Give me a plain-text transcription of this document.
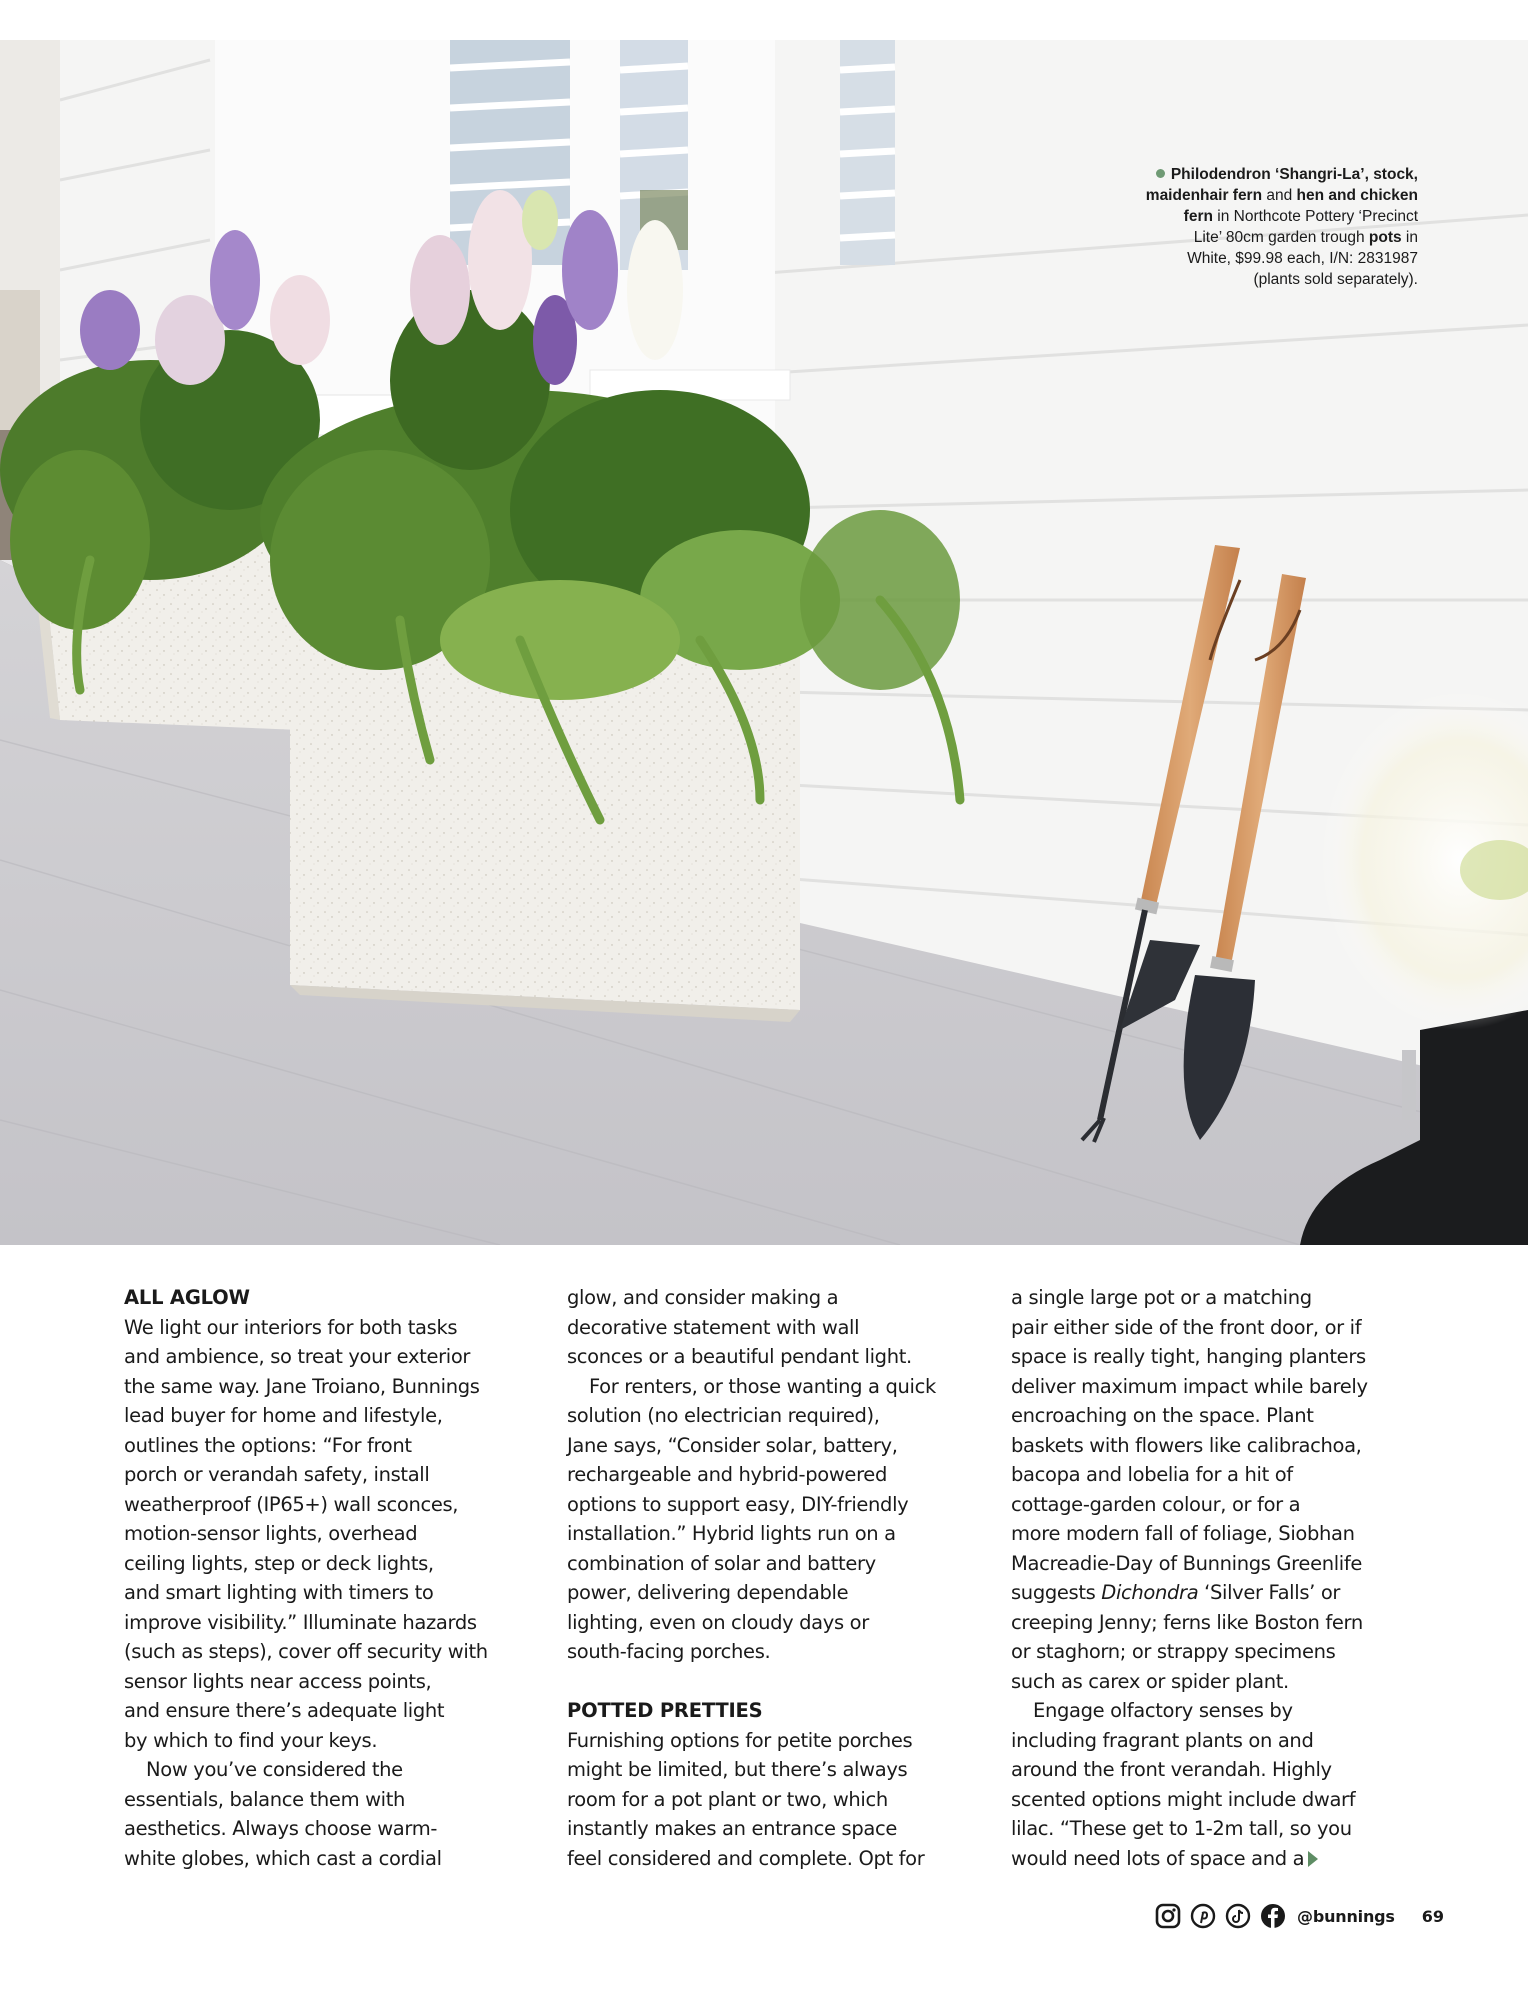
Philodendron ‘Shangri-La’, stock,
maidenhair fern and hen and chicken
fern in Northcote Pottery ‘Precinct
Lite’ 80cm garden trough pots in
White, $99.98 each, I/N: 2831987
(plants sold separately).
ALL AGLOW
We light our interiors for both tasks
and ambience, so treat your exterior
the same way. Jane Troiano, Bunnings
lead buyer for home and lifestyle,
outlines the options: “For front
porch or verandah safety, install
weatherproof (IP65+) wall sconces,
motion-sensor lights, overhead
ceiling lights, step or deck lights,
and smart lighting with timers to
improve visibility.” Illuminate hazards
(such as steps), cover off security with
sensor lights near access points,
and ensure there’s adequate light
by which to find your keys.
Now you’ve considered the
essentials, balance them with
aesthetics. Always choose warm-
white globes, which cast a cordial
glow, and consider making a
decorative statement with wall
sconces or a beautiful pendant light.
For renters, or those wanting a quick
solution (no electrician required),
Jane says, “Consider solar, battery,
rechargeable and hybrid-powered
options to support easy, DIY-friendly
installation.” Hybrid lights run on a
combination of solar and battery
power, delivering dependable
lighting, even on cloudy days or
south-facing porches.
POTTED PRETTIES
Furnishing options for petite porches
might be limited, but there’s always
room for a pot plant or two, which
instantly makes an entrance space
feel considered and complete. Opt for
a single large pot or a matching
pair either side of the front door, or if
space is really tight, hanging planters
deliver maximum impact while barely
encroaching on the space. Plant
baskets with flowers like calibrachoa,
bacopa and lobelia for a hit of
cottage-garden colour, or for a
more modern fall of foliage, Siobhan
Macreadie-Day of Bunnings Greenlife
suggests Dichondra ‘Silver Falls’ or
creeping Jenny; ferns like Boston fern
or staghorn; or strappy specimens
such as carex or spider plant.
Engage olfactory senses by
including fragrant plants on and
around the front verandah. Highly
scented options might include dwarf
lilac. “These get to 1-2m tall, so you
would need lots of space and a
@bunnings 69
